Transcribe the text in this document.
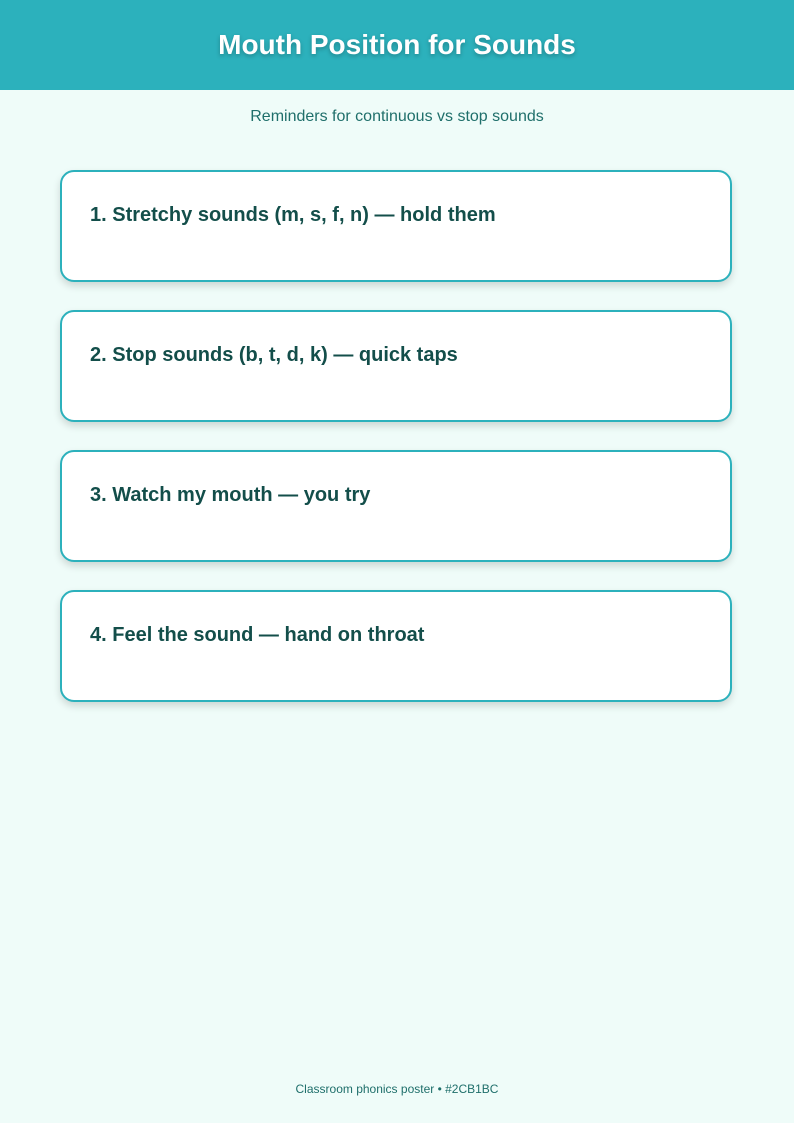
Mouth Position for Sounds
Reminders for continuous vs stop sounds
1. Stretchy sounds (m, s, f, n) — hold them
2. Stop sounds (b, t, d, k) — quick taps
3. Watch my mouth — you try
4. Feel the sound — hand on throat
Classroom phonics poster • #2CB1BC
